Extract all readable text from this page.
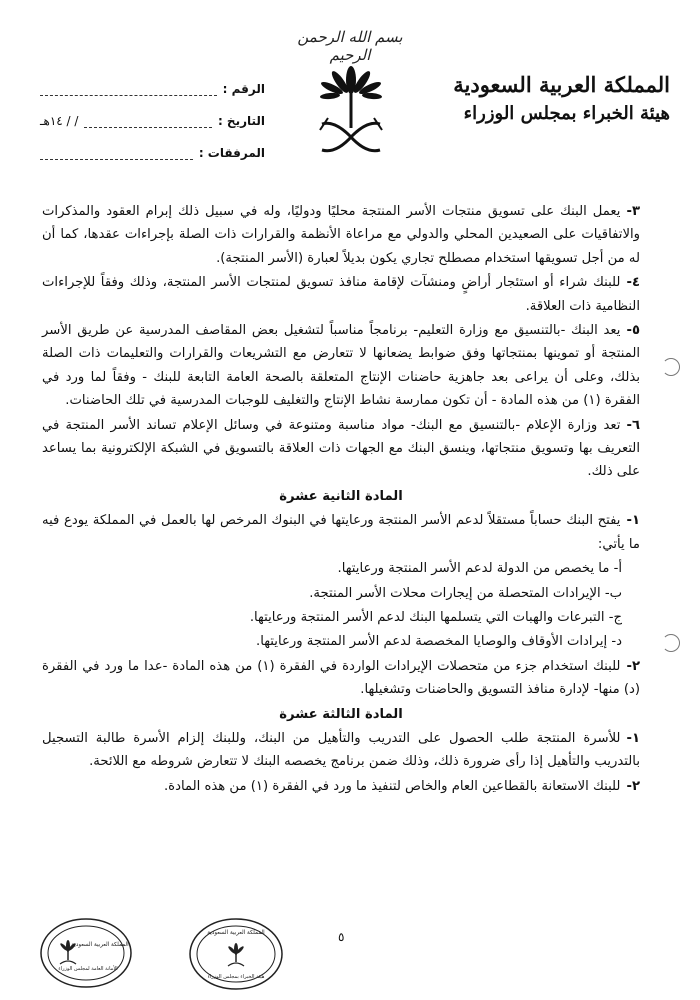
بسم الله الرحمن الرحيم
المملكة العربية السعودية
هيئة الخبراء بمجلس الوزراء
الرقم :
التاريخ :
/ / ١٤هـ
المرفقات :

٣-يعمل البنك على تسويق منتجات الأسر المنتجة محليًا ودوليًا، وله في سبيل ذلك إبرام العقود والمذكرات والاتفاقيات على الصعيدين المحلي والدولي مع مراعاة الأنظمة والقرارات ذات الصلة بإجراءات عقدها، كما أن له من أجل تسويقها استخدام مصطلح تجاري يكون بديلاً لعبارة (الأسر المنتجة).

٤-للبنك شراء أو استئجار أراضٍ ومنشآت لإقامة منافذ تسويق لمنتجات الأسر المنتجة، وذلك وفقاً للإجراءات النظامية ذات العلاقة.

٥-يعد البنك -بالتنسيق مع وزارة التعليم- برنامجاً مناسباً لتشغيل بعض المقاصف المدرسية عن طريق الأسر المنتجة أو تموينها بمنتجاتها وفق ضوابط يضعانها لا تتعارض مع التشريعات والقرارات والتعليمات ذات الصلة بذلك، وعلى أن يراعى بعد جاهزية حاضنات الإنتاج المتعلقة بالصحة العامة التابعة للبنك - وفقاً لما ورد في الفقرة (١) من هذه المادة - أن تكون ممارسة نشاط الإنتاج والتغليف للوجبات المدرسية في تلك الحاضنات.

٦-تعد وزارة الإعلام -بالتنسيق مع البنك- مواد مناسبة ومتنوعة في وسائل الإعلام تساند الأسر المنتجة في التعريف بها وتسويق منتجاتها، وينسق البنك مع الجهات ذات العلاقة بالتسويق في الشبكة الإلكترونية بما يساعد على ذلك.

المادة الثانية عشرة

١-يفتح البنك حساباً مستقلاً لدعم الأسر المنتجة ورعايتها في البنوك المرخص لها بالعمل في المملكة يودع فيه ما يأتي:

أ- ما يخصص من الدولة لدعم الأسر المنتجة ورعايتها.

ب- الإيرادات المتحصلة من إيجارات محلات الأسر المنتجة.

ج- التبرعات والهبات التي يتسلمها البنك لدعم الأسر المنتجة ورعايتها.

د- إيرادات الأوقاف والوصايا المخصصة لدعم الأسر المنتجة ورعايتها.

٢-للبنك استخدام جزء من متحصلات الإيرادات الواردة في الفقرة (١) من هذه المادة -عدا ما ورد في الفقرة (د) منها- لإدارة منافذ التسويق والحاضنات وتشغيلها.

المادة الثالثة عشرة

١-للأسرة المنتجة طلب الحصول على التدريب والتأهيل من البنك، وللبنك إلزام الأسرة طالبة التسجيل بالتدريب والتأهيل إذا رأى ضرورة ذلك، وذلك ضمن برنامج يخصصه البنك لا تتعارض شروطه مع اللائحة.

٢-للبنك الاستعانة بالقطاعين العام والخاص لتنفيذ ما ورد في الفقرة (١) من هذه المادة.

٥
المملكة العربية السعودية
الأمانة العامة لمجلس الوزراء
المملكة العربية السعودية
هيئة الخبراء بمجلس الوزراء
